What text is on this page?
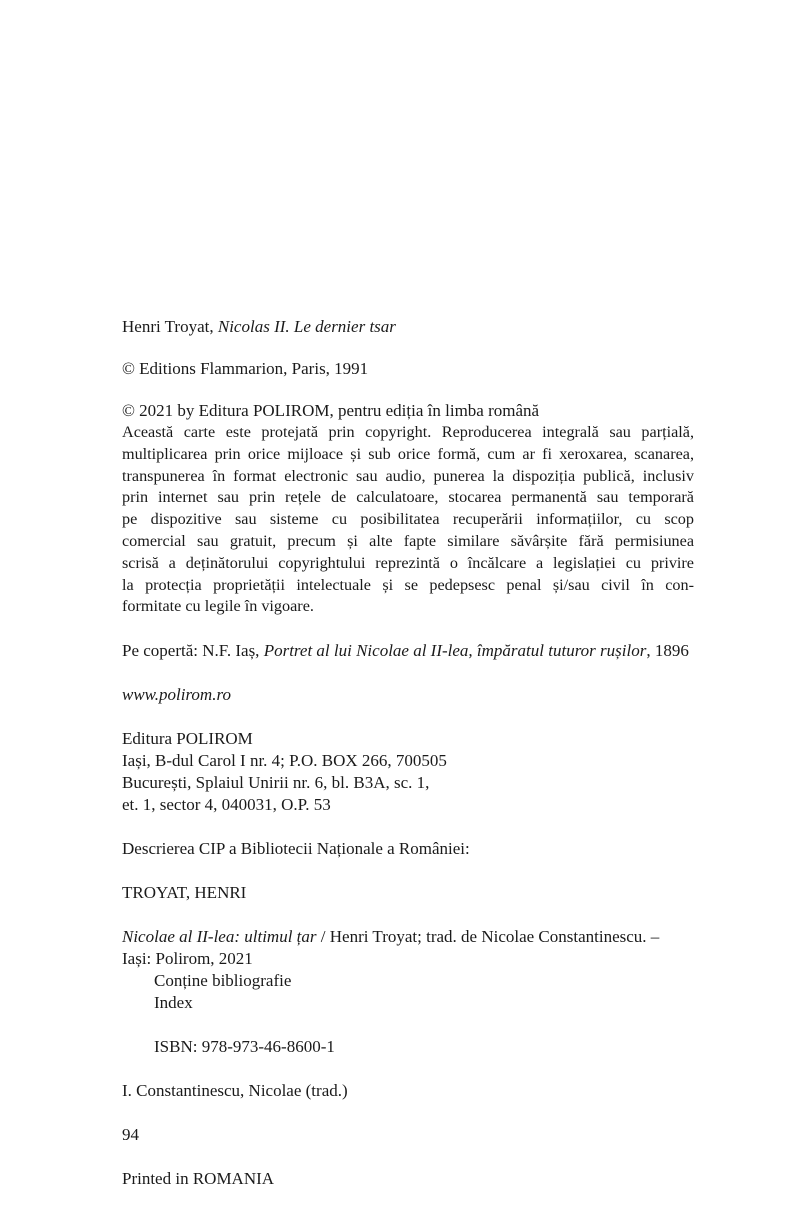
Henri Troyat, Nicolas II. Le dernier tsar

© Editions Flammarion, Paris, 1991

© 2021 by Editura POLIROM, pentru ediția în limba română

Această carte este protejată prin copyright. Reproducerea integrală sau parțială,
multiplicarea prin orice mijloace și sub orice formă, cum ar fi xeroxarea, scanarea,
transpunerea în format electronic sau audio, punerea la dispoziția publică, inclusiv
prin internet sau prin rețele de calculatoare, stocarea permanentă sau temporară
pe dispozitive sau sisteme cu posibilitatea recuperării informațiilor, cu scop
comercial sau gratuit, precum și alte fapte similare săvârșite fără permisiunea
scrisă a deținătorului copyrightului reprezintă o încălcare a legislației cu privire
la protecția proprietății intelectuale și se pedepsesc penal și/sau civil în con-
formitate cu legile în vigoare.

Pe copertă: N.F. Iaș, Portret al lui Nicolae al II-lea, împăratul tuturor rușilor, 1896

www.polirom.ro

Editura POLIROM

Iași, B-dul Carol I nr. 4; P.O. BOX 266, 700505

București, Splaiul Unirii nr. 6, bl. B3A, sc. 1,

et. 1, sector 4, 040031, O.P. 53

Descrierea CIP a Bibliotecii Naționale a României:

TROYAT, HENRI

Nicolae al II-lea: ultimul țar / Henri Troyat; trad. de Nicolae Constantinescu. –

Iași: Polirom, 2021

Conține bibliografie

Index

ISBN: 978-973-46-8600-1

I. Constantinescu, Nicolae (trad.)

94

Printed in ROMANIA
